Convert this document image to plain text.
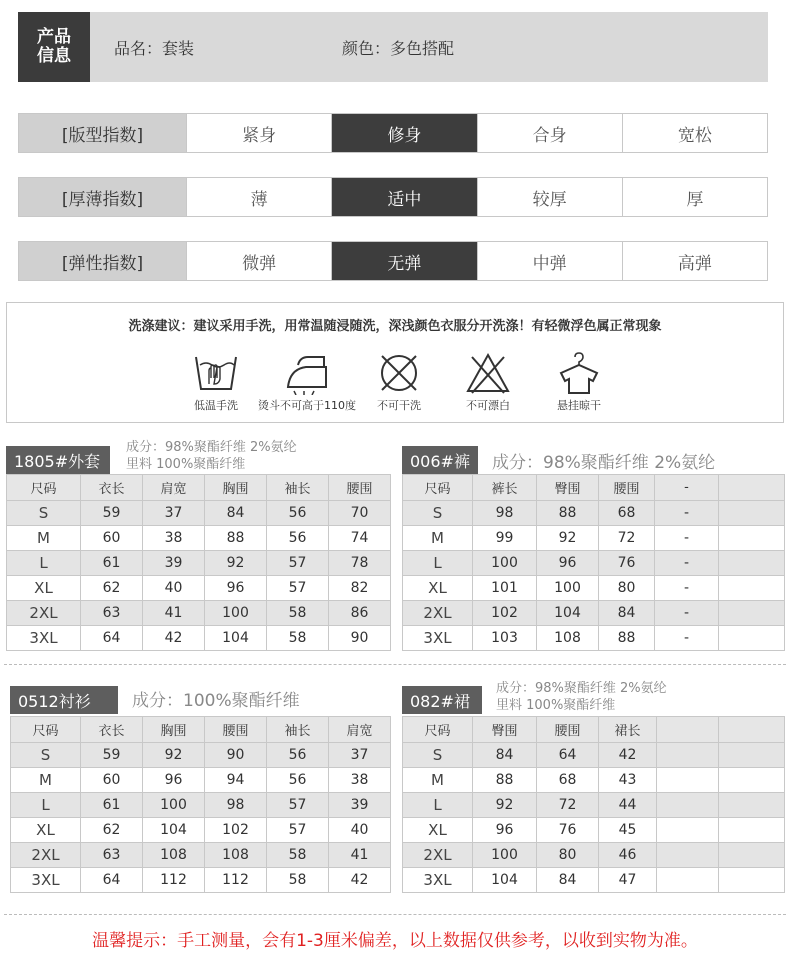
产品
信息	品名：套装	颜色：多色搭配
[版型指数]	紧身	修身	合身	宽松
[厚薄指数]	薄	适中	较厚	厚
[弹性指数]	微弹	无弹	中弹	高弹
洗涤建议：建议采用手洗，用常温随浸随洗，深浅颜色衣服分开洗涤！有轻微浮色属正常现象
低温手洗	烫斗不可高于110度	不可干洗	不可漂白	悬挂晾干
1805#外套
成分：98%聚酯纤维 2%氨纶
里料 100%聚酯纤维
尺码	衣长	肩宽	胸围	袖长	腰围
S	59	37	84	56	70
M	60	38	88	56	74
L	61	39	92	57	78
XL	62	40	96	57	82
2XL	63	41	100	58	86
3XL	64	42	104	58	90
006#裤	成分：98%聚酯纤维 2%氨纶
尺码	裤长	臀围	腰围	-	
S	98	88	68	-	
M	99	92	72	-	
L	100	96	76	-	
XL	101	100	80	-	
2XL	102	104	84	-	
3XL	103	108	88	-	
0512衬衫	成分：100%聚酯纤维
尺码	衣长	胸围	腰围	袖长	肩宽
S	59	92	90	56	37
M	60	96	94	56	38
L	61	100	98	57	39
XL	62	104	102	57	40
2XL	63	108	108	58	41
3XL	64	112	112	58	42
082#裙
成分：98%聚酯纤维 2%氨纶
里料 100%聚酯纤维
尺码	臀围	腰围	裙长		
S	84	64	42		
M	88	68	43		
L	92	72	44		
XL	96	76	45		
2XL	100	80	46		
3XL	104	84	47		
温馨提示：手工测量，会有1-3厘米偏差，以上数据仅供参考，以收到实物为准。
